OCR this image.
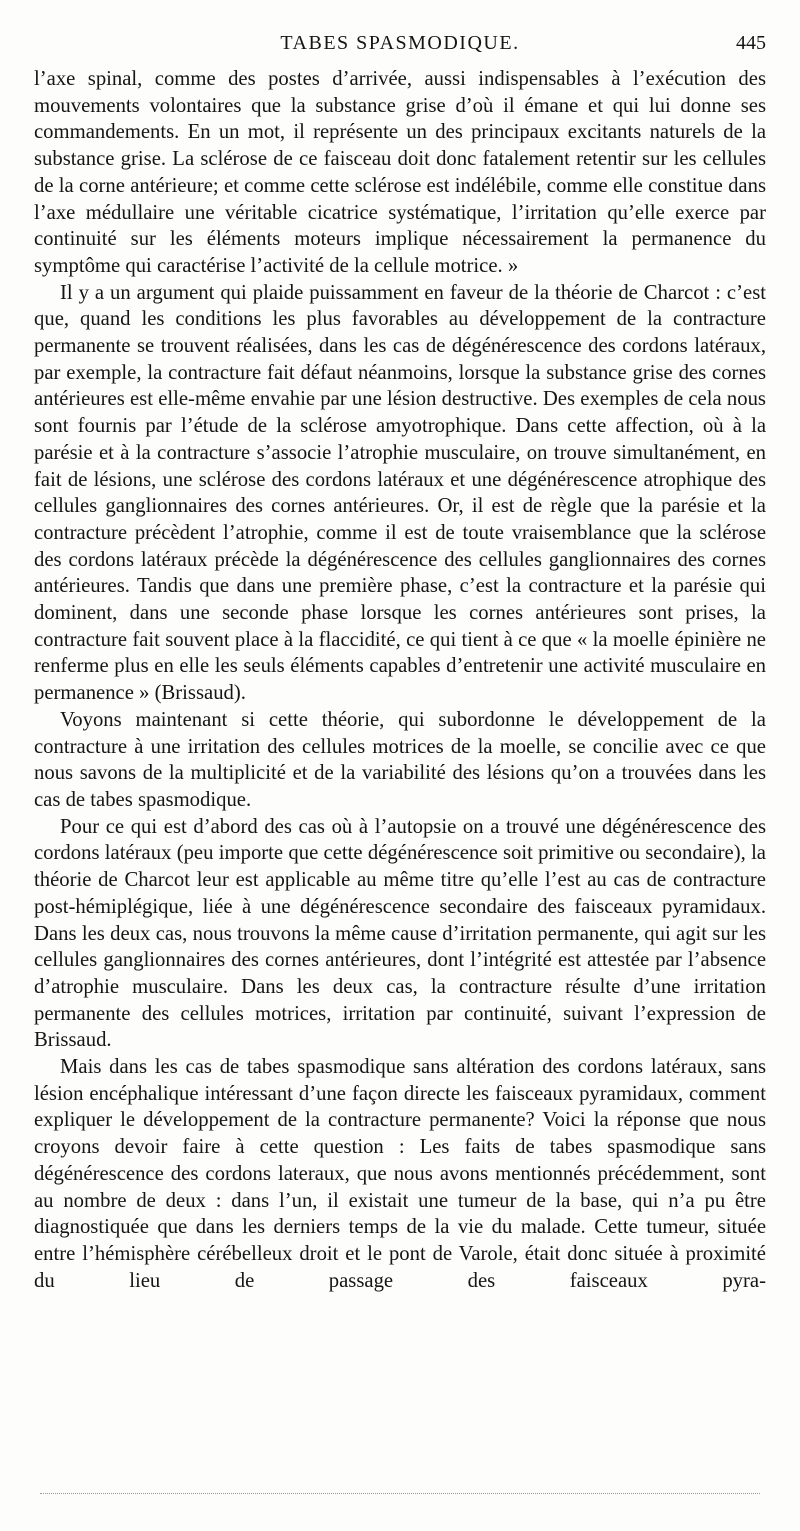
TABES SPASMODIQUE.	445

l’axe spinal, comme des postes d’arrivée, aussi indispensables à l’exécution des mouvements volontaires que la substance grise d’où il émane et qui lui donne ses commandements. En un mot, il représente un des principaux excitants naturels de la substance grise. La sclérose de ce faisceau doit donc fatalement retentir sur les cellules de la corne antérieure; et comme cette sclérose est indélébile, comme elle constitue dans l’axe médullaire une véritable cicatrice systématique, l’irritation qu’elle exerce par continuité sur les éléments moteurs implique nécessairement la permanence du symptôme qui caractérise l’activité de la cellule motrice. »

Il y a un argument qui plaide puissamment en faveur de la théorie de Charcot : c’est que, quand les conditions les plus favorables au développement de la contracture permanente se trouvent réalisées, dans les cas de dégénérescence des cordons latéraux, par exemple, la contracture fait défaut néanmoins, lorsque la substance grise des cornes antérieures est elle-même envahie par une lésion destructive. Des exemples de cela nous sont fournis par l’étude de la sclérose amyotrophique. Dans cette affection, où à la parésie et à la contracture s’associe l’atrophie musculaire, on trouve simultanément, en fait de lésions, une sclérose des cordons latéraux et une dégénérescence atrophique des cellules ganglionnaires des cornes antérieures. Or, il est de règle que la parésie et la contracture précèdent l’atrophie, comme il est de toute vraisemblance que la sclérose des cordons latéraux précède la dégénérescence des cellules ganglionnaires des cornes antérieures. Tandis que dans une première phase, c’est la contracture et la parésie qui dominent, dans une seconde phase lorsque les cornes antérieures sont prises, la contracture fait souvent place à la flaccidité, ce qui tient à ce que « la moelle épinière ne renferme plus en elle les seuls éléments capables d’entretenir une activité musculaire en permanence » (Brissaud).

Voyons maintenant si cette théorie, qui subordonne le développement de la contracture à une irritation des cellules motrices de la moelle, se concilie avec ce que nous savons de la multiplicité et de la variabilité des lésions qu’on a trouvées dans les cas de tabes spasmodique.

Pour ce qui est d’abord des cas où à l’autopsie on a trouvé une dégénérescence des cordons latéraux (peu importe que cette dégénérescence soit primitive ou secondaire), la théorie de Charcot leur est applicable au même titre qu’elle l’est au cas de contracture post-hémiplégique, liée à une dégénérescence secondaire des faisceaux pyramidaux. Dans les deux cas, nous trouvons la même cause d’irritation permanente, qui agit sur les cellules ganglionnaires des cornes antérieures, dont l’intégrité est attestée par l’absence d’atrophie musculaire. Dans les deux cas, la contracture résulte d’une irritation permanente des cellules motrices, irritation par continuité, suivant l’expression de Brissaud.

Mais dans les cas de tabes spasmodique sans altération des cordons latéraux, sans lésion encéphalique intéressant d’une façon directe les faisceaux pyramidaux, comment expliquer le développement de la contracture permanente? Voici la réponse que nous croyons devoir faire à cette question : Les faits de tabes spasmodique sans dégénérescence des cordons lateraux, que nous avons mentionnés précédemment, sont au nombre de deux : dans l’un, il existait une tumeur de la base, qui n’a pu être diagnostiquée que dans les derniers temps de la vie du malade. Cette tumeur, située entre l’hémisphère cérébelleux droit et le pont de Varole, était donc située à proximité du lieu de passage des faisceaux pyra-
